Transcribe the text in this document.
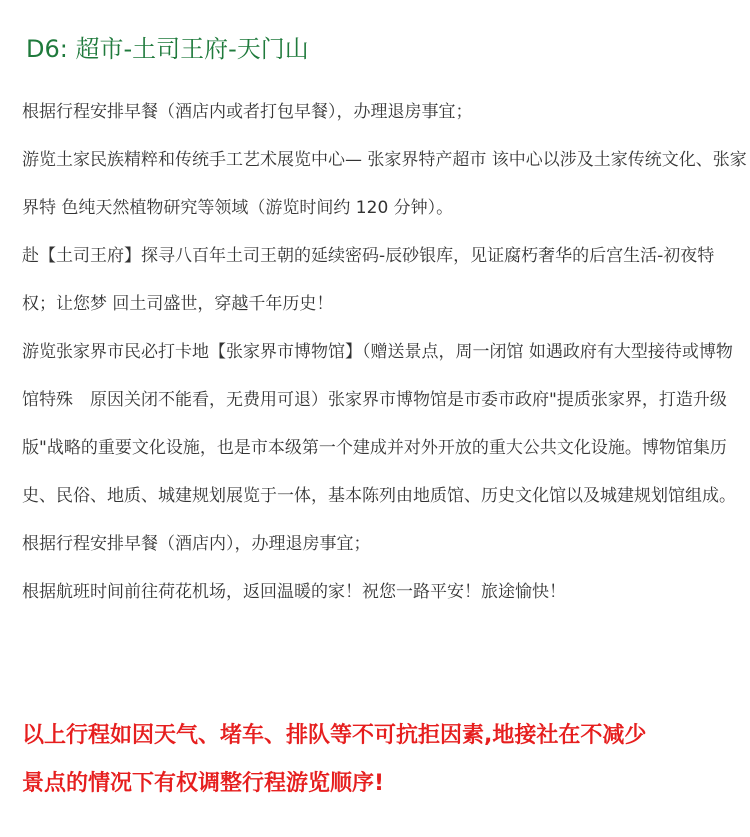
D6: 超市-土司王府-天门山

根据行程安排早餐（酒店内或者打包早餐），办理退房事宜；

游览土家民族精粹和传统手工艺术展览中心— 张家界特产超市 该中心以涉及土家传统文化、张家界特 色纯天然植物研究等领域（游览时间约 120 分钟）。

赴【土司王府】探寻八百年土司王朝的延续密码-辰砂银库，见证腐朽奢华的后宫生活-初夜特权；让您梦 回土司盛世，穿越千年历史！

游览张家界市民必打卡地【张家界市博物馆】（赠送景点，周一闭馆 如遇政府有大型接待或博物馆特殊　原因关闭不能看，无费用可退）张家界市博物馆是市委市政府"提质张家界，打造升级版"战略的重要文化设施，也是市本级第一个建成并对外开放的重大公共文化设施。博物馆集历史、民俗、地质、城建规划展览于一体，基本陈列由地质馆、历史文化馆以及城建规划馆组成。

根据行程安排早餐（酒店内），办理退房事宜；

根据航班时间前往荷花机场，返回温暖的家！祝您一路平安！旅途愉快！

以上行程如因天气、堵车、排队等不可抗拒因素,地接社在不减少

景点的情况下有权调整行程游览顺序!
